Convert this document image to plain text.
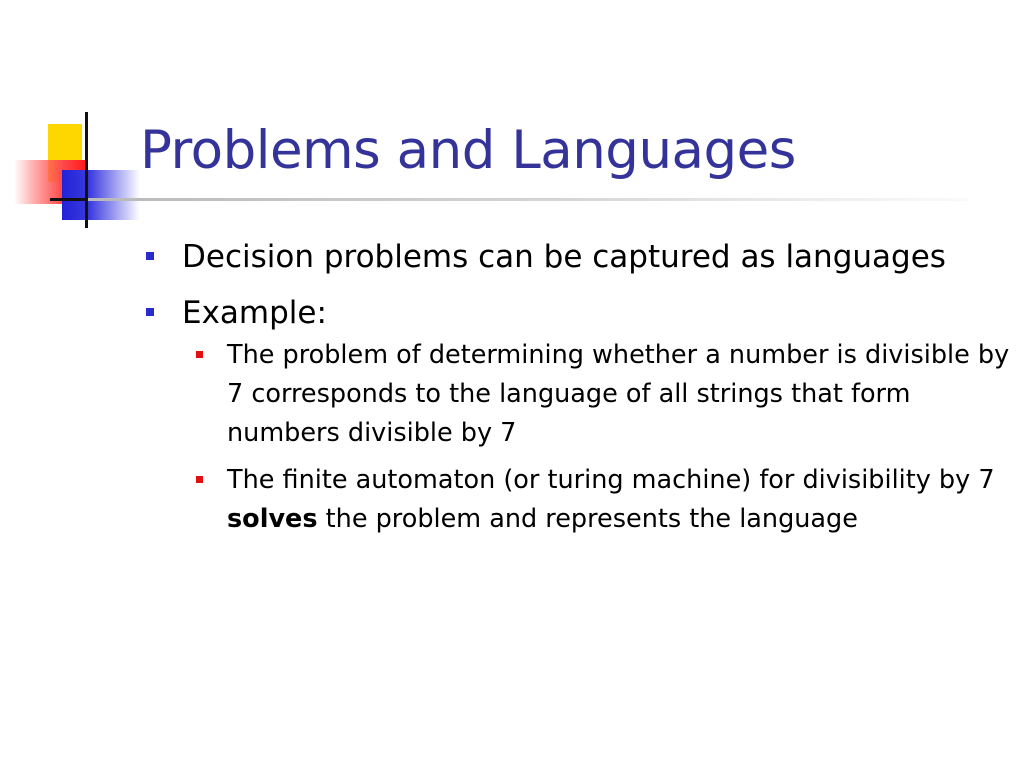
Problems and Languages
Decision problems can be captured as languages
Example:
The problem of determining whether a number is divisible by 7 corresponds to the language of all strings that form numbers divisible by 7
The finite automaton (or turing machine) for divisibility by 7 solves the problem and represents the language
